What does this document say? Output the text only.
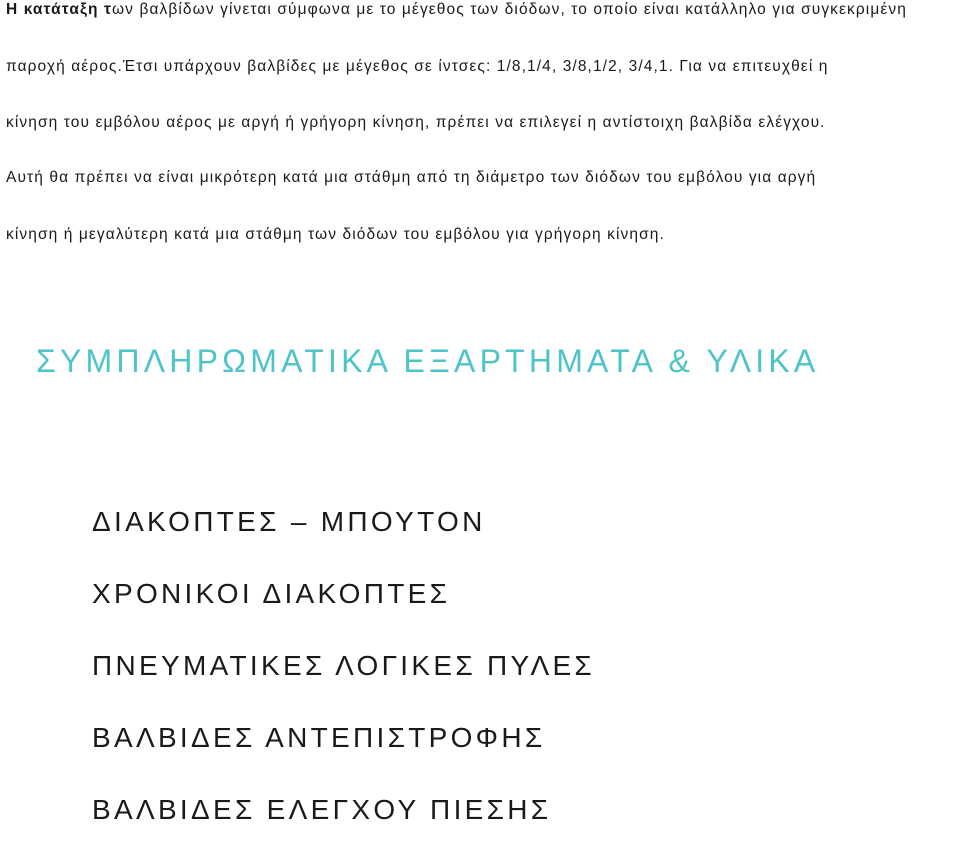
Η κατάταξη των βαλβίδων γίνεται σύμφωνα με το μέγεθος των διόδων, το οποίο είναι κατάλληλο για συγκεκριμένη
παροχή αέρος.Έτσι υπάρχουν βαλβίδες με μέγεθος σε ίντσες: 1/8,1/4, 3/8,1/2, 3/4,1. Για να επιτευχθεί η
κίνηση του εμβόλου αέρος με αργή ή γρήγορη κίνηση, πρέπει να επιλεγεί η αντίστοιχη βαλβίδα ελέγχου.
Αυτή θα πρέπει να είναι μικρότερη κατά μια στάθμη από τη διάμετρο των διόδων του εμβόλου για αργή
κίνηση ή μεγαλύτερη κατά μια στάθμη των διόδων του εμβόλου για γρήγορη κίνηση.
ΣΥΜΠΛΗΡΩΜΑΤΙΚΑ ΕΞΑΡΤΗΜΑΤΑ & ΥΛΙΚΑ
ΔΙΑΚΟΠΤΕΣ – ΜΠΟΥΤΟΝ
ΧΡΟΝΙΚΟΙ ΔΙΑΚΟΠΤΕΣ
ΠΝΕΥΜΑΤΙΚΕΣ ΛΟΓΙΚΕΣ ΠΥΛΕΣ
ΒΑΛΒΙΔΕΣ ΑΝΤΕΠΙΣΤΡΟΦΗΣ
ΒΑΛΒΙΔΕΣ ΕΛΕΓΧΟΥ ΠΙΕΣΗΣ
